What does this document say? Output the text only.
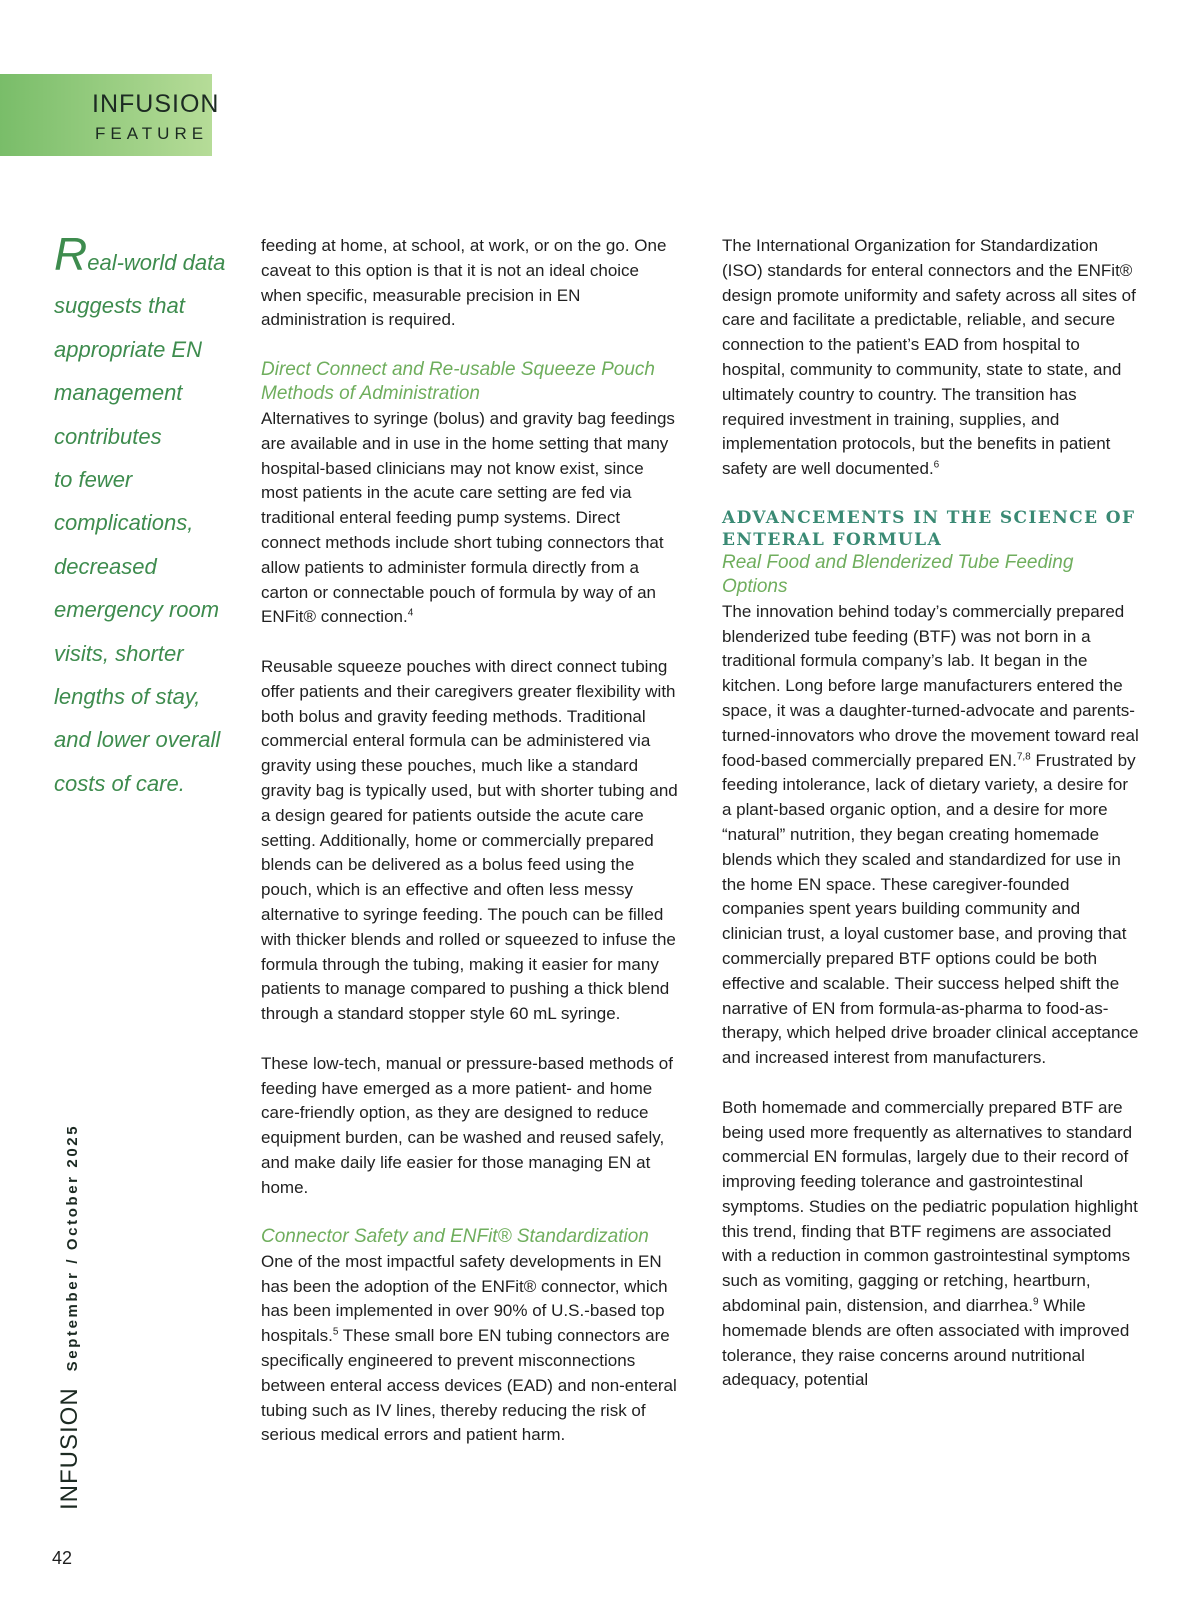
INFUSION
FEATURE
Real-world data
suggests that
appropriate EN
management
contributes
to fewer
complications,
decreased
emergency room
visits, shorter
lengths of stay,
and lower overall
costs of care.

feeding at home, at school, at work, or on the go. One caveat to this option is that it is not an ideal choice when specific, measurable precision in EN administration is required.

Direct Connect and Re-usable Squeeze Pouch Methods of Administration

Alternatives to syringe (bolus) and gravity bag feedings are available and in use in the home setting that many hospital-based clinicians may not know exist, since most patients in the acute care setting are fed via traditional enteral feeding pump systems. Direct connect methods include short tubing connectors that allow patients to administer formula directly from a carton or connectable pouch of formula by way of an ENFit® connection.$^4$

Reusable squeeze pouches with direct connect tubing offer patients and their caregivers greater flexibility with both bolus and gravity feeding methods. Traditional commercial enteral formula can be administered via gravity using these pouches, much like a standard gravity bag is typically used, but with shorter tubing and a design geared for patients outside the acute care setting. Additionally, home or commercially prepared blends can be delivered as a bolus feed using the pouch, which is an effective and often less messy alternative to syringe feeding. The pouch can be filled with thicker blends and rolled or squeezed to infuse the formula through the tubing, making it easier for many patients to manage compared to pushing a thick blend through a standard stopper style 60 mL syringe.

These low-tech, manual or pressure-based methods of feeding have emerged as a more patient- and home care-friendly option, as they are designed to reduce equipment burden, can be washed and reused safely, and make daily life easier for those managing EN at home.

Connector Safety and ENFit® Standardization

One of the most impactful safety developments in EN has been the adoption of the ENFit® connector, which has been implemented in over 90% of U.S.-based top hospitals.$^5$ These small bore EN tubing connectors are specifically engineered to prevent misconnections between enteral access devices (EAD) and non-enteral tubing such as IV lines, thereby reducing the risk of serious medical errors and patient harm.

The International Organization for Standardization (ISO) standards for enteral connectors and the ENFit® design promote uniformity and safety across all sites of care and facilitate a predictable, reliable, and secure connection to the patient’s EAD from hospital to hospital, community to community, state to state, and ultimately country to country. The transition has required investment in training, supplies, and implementation protocols, but the benefits in patient safety are well documented.$^6$

ADVANCEMENTS IN THE SCIENCE OF ENTERAL FORMULA

Real Food and Blenderized Tube Feeding Options

The innovation behind today’s commercially prepared blenderized tube feeding (BTF) was not born in a traditional formula company’s lab. It began in the kitchen. Long before large manufacturers entered the space, it was a daughter-turned-advocate and parents-turned-innovators who drove the movement toward real food-based commercially prepared EN.$^{7,8}$ Frustrated by feeding intolerance, lack of dietary variety, a desire for a plant-based organic option, and a desire for more “natural” nutrition, they began creating homemade blends which they scaled and standardized for use in the home EN space. These caregiver-founded companies spent years building community and clinician trust, a loyal customer base, and proving that commercially prepared BTF options could be both effective and scalable. Their success helped shift the narrative of EN from formula-as-pharma to food-as-therapy, which helped drive broader clinical acceptance and increased interest from manufacturers.

Both homemade and commercially prepared BTF are being used more frequently as alternatives to standard commercial EN formulas, largely due to their record of improving feeding tolerance and gastrointestinal symptoms. Studies on the pediatric population highlight this trend, finding that BTF regimens are associated with a reduction in common gastrointestinal symptoms such as vomiting, gagging or retching, heartburn, abdominal pain, distension, and diarrhea.$^9$ While homemade blends are often associated with improved tolerance, they raise concerns around nutritional adequacy, potential

INFUSIONSeptember / October 2025
42
